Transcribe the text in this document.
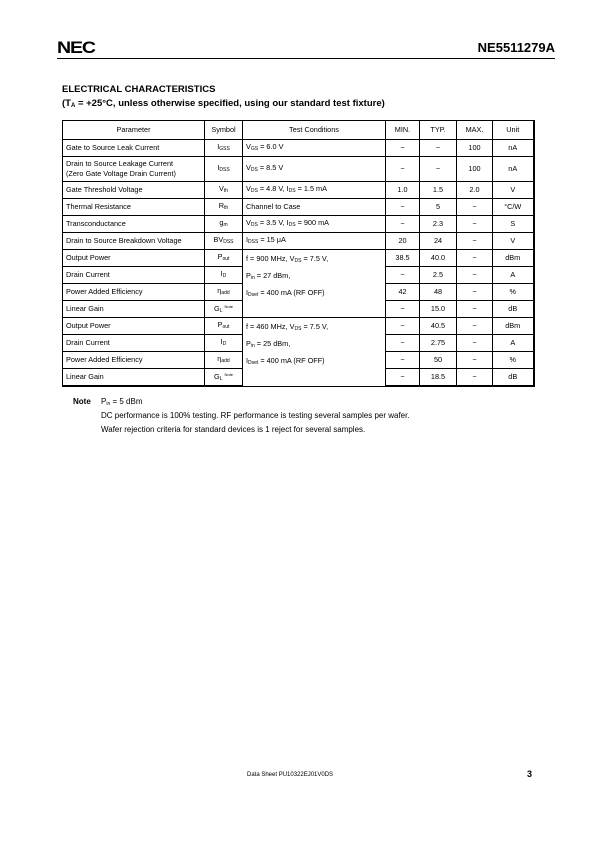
NEC	NE5511279A
ELECTRICAL CHARACTERISTICS
($T_A = +25^\circ C$, unless otherwise specified, using our standard test fixture)
Parameter	Symbol	Test Conditions	MIN.	TYP.	MAX.	Unit
Gate to Source Leak Current	IGSS	VGS = 6.0 V	−	−	100	nA
Drain to Source Leakage Current
(Zero Gate Voltage Drain Current)	IDSS	VDS = 8.5 V	−	−	100	nA
Gate Threshold Voltage	Vth	VDS = 4.8 V, IDS = 1.5 mA	1.0	1.5	2.0	V
Thermal Resistance	Rth	Channel to Case	−	5	−	°C/W
Transconductance	gm	VDS = 3.5 V, IDS = 900 mA	−	2.3	−	S
Drain to Source Breakdown Voltage	BVDSS	IDSS = 15 μA	20	24	−	V
Output Power	Pout	f = 900 MHz, VDS = 7.5 V,
Pin = 27 dBm,
IDset = 400 mA (RF OFF)	38.5	40.0	−	dBm
Drain Current	ID		−	2.5	−	A
Power Added Efficiency	ηadd		42	48	−	%
Linear Gain	GL $^{Note}$		−	15.0	−	dB
Output Power	Pout	f = 460 MHz, VDS = 7.5 V,
Pin = 25 dBm,
IDset = 400 mA (RF OFF)	−	40.5	−	dBm
Drain Current	ID		−	2.75	−	A
Power Added Efficiency	ηadd		−	50	−	%
Linear Gain	GL $^{Note}$		−	18.5	−	dB
Note Pin = 5 dBm
DC performance is 100% testing. RF performance is testing several samples per wafer.
Wafer rejection criteria for standard devices is 1 reject for several samples.
Data Sheet PU10322EJ01V0DS	3
